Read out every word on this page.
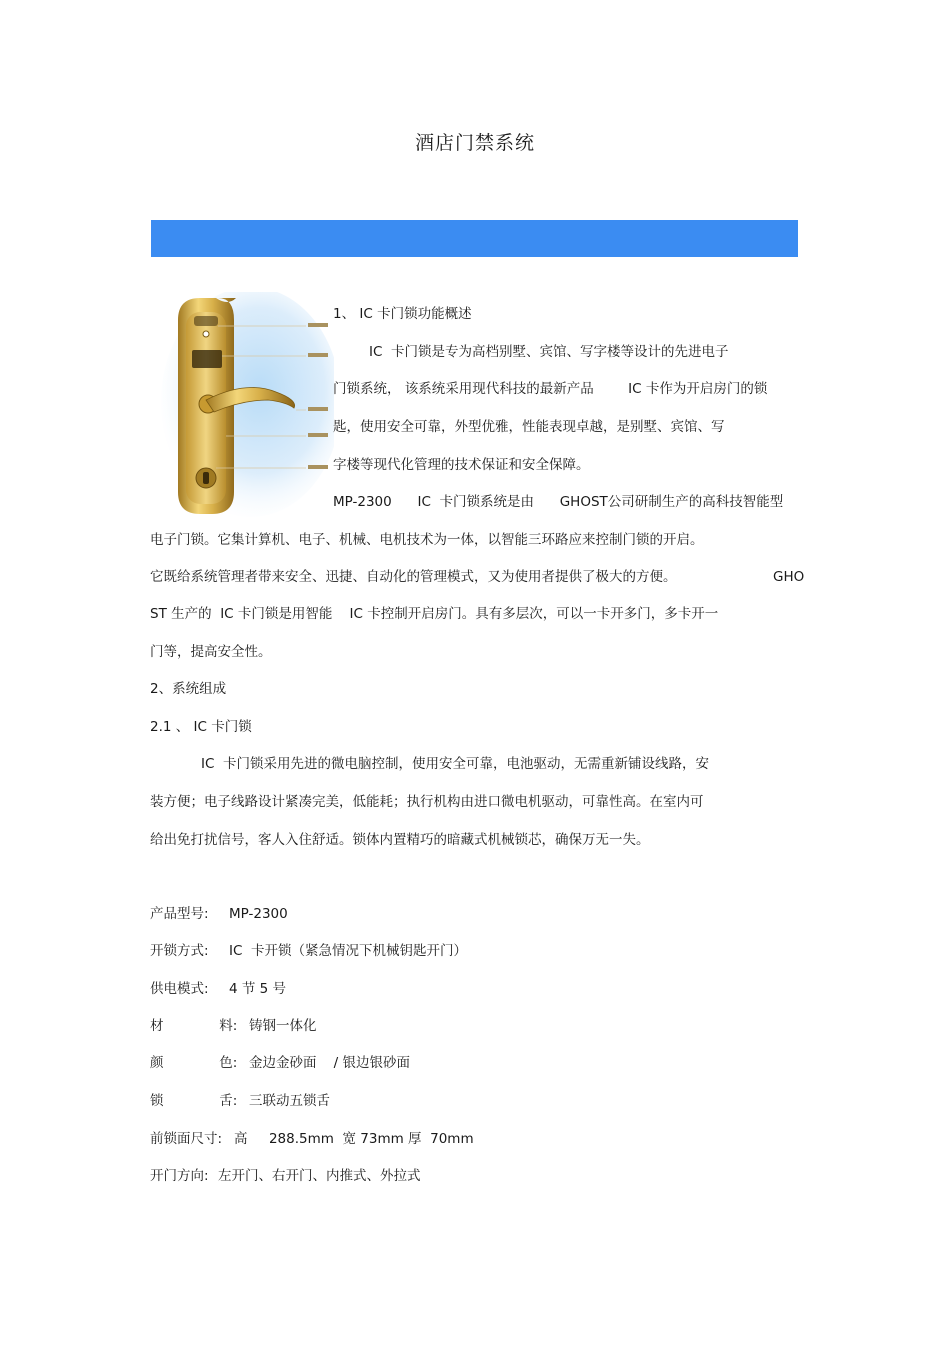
酒店门禁系统
1、 IC 卡门锁功能概述
IC  卡门锁是专为高档别墅、宾馆、写字楼等设计的先进电子
门锁系统， 该系统采用现代科技的最新产品        IC 卡作为开启房门的锁
匙，使用安全可靠，外型优雅，性能表现卓越，是别墅、宾馆、写
字楼等现代化管理的技术保证和安全保障。
MP-2300      IC  卡门锁系统是由      GHOST公司研制生产的高科技智能型
电子门锁。它集计算机、电子、机械、电机技术为一体，以智能三环路应来控制门锁的开启。
它既给系统管理者带来安全、迅捷、自动化的管理模式，又为使用者提供了极大的方便。	GHO
ST 生产的  IC 卡门锁是用智能    IC 卡控制开启房门。具有多层次，可以一卡开多门，多卡开一
门等，提高安全性。
2、系统组成
2.1 、 IC 卡门锁
IC  卡门锁采用先进的微电脑控制，使用安全可靠，电池驱动，无需重新铺设线路，安
装方便；电子线路设计紧凑完美，低能耗；执行机构由进口微电机驱动，可靠性高。在室内可
给出免打扰信号，客人入住舒适。锁体内置精巧的暗藏式机械锁芯，确保万无一失。
产品型号: MP-2300
开锁方式: IC  卡开锁（紧急情况下机械钥匙开门）
供电模式: 4 节 5 号
材             料: 铸钢一体化
颜             色: 金边金砂面    / 银边银砂面
锁             舌: 三联动五锁舌
前锁面尺寸: 高     288.5mm  宽 73mm 厚  70mm
开门方向: 左开门、右开门、内推式、外拉式
